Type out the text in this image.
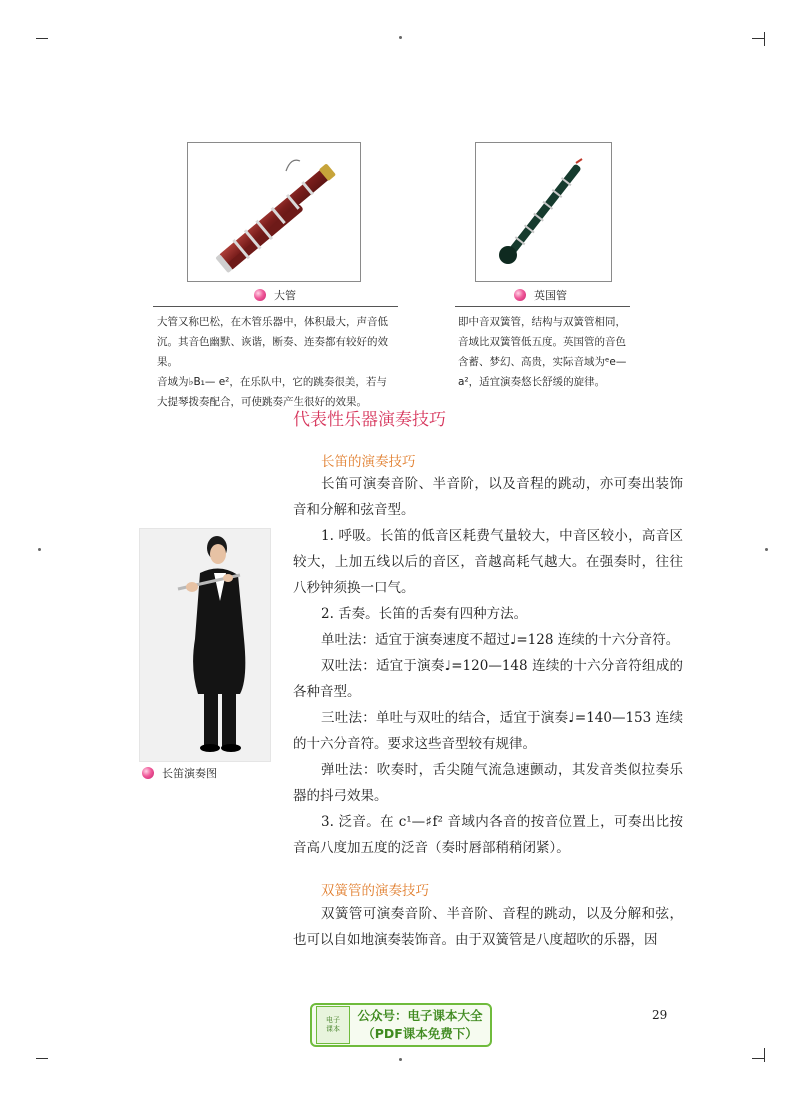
大管
大管又称巴松，在木管乐器中，体积最大，声音低
沉。其音色幽默、诙谐，断奏、连奏都有较好的效果。
音域为♭B₁— e²，在乐队中，它的跳奏很美，若与
大提琴拨奏配合，可使跳奏产生很好的效果。
英国管
即中音双簧管，结构与双簧管相同，
音域比双簧管低五度。英国管的音色
含蓄、梦幻、高贵，实际音域为ᵉe—
a²，适宜演奏悠长舒缓的旋律。
代表性乐器演奏技巧
长笛的演奏技巧

长笛可演奏音阶、半音阶，以及音程的跳动，亦可奏出装饰音和分解和弦音型。

1. 呼吸。长笛的低音区耗费气量较大，中音区较小，高音区较大，上加五线以后的音区，音越高耗气越大。在强奏时，往往八秒钟须换一口气。

2. 舌奏。长笛的舌奏有四种方法。

单吐法：适宜于演奏速度不超过♩=128 连续的十六分音符。

双吐法：适宜于演奏♩=120—148 连续的十六分音符组成的各种音型。

三吐法：单吐与双吐的结合，适宜于演奏♩=140—153 连续的十六分音符。要求这些音型较有规律。

弹吐法：吹奏时，舌尖随气流急速颤动，其发音类似拉奏乐器的抖弓效果。

3. 泛音。在 c¹—♯f² 音域内各音的按音位置上，可奏出比按音高八度加五度的泛音（奏时唇部稍稍闭紧）。

长笛演奏图
双簧管的演奏技巧

双簧管可演奏音阶、半音阶、音程的跳动，以及分解和弦，也可以自如地演奏装饰音。由于双簧管是八度超吹的乐器，因

29
电子
课本
公众号：电子课本大全
（PDF课本免费下）
